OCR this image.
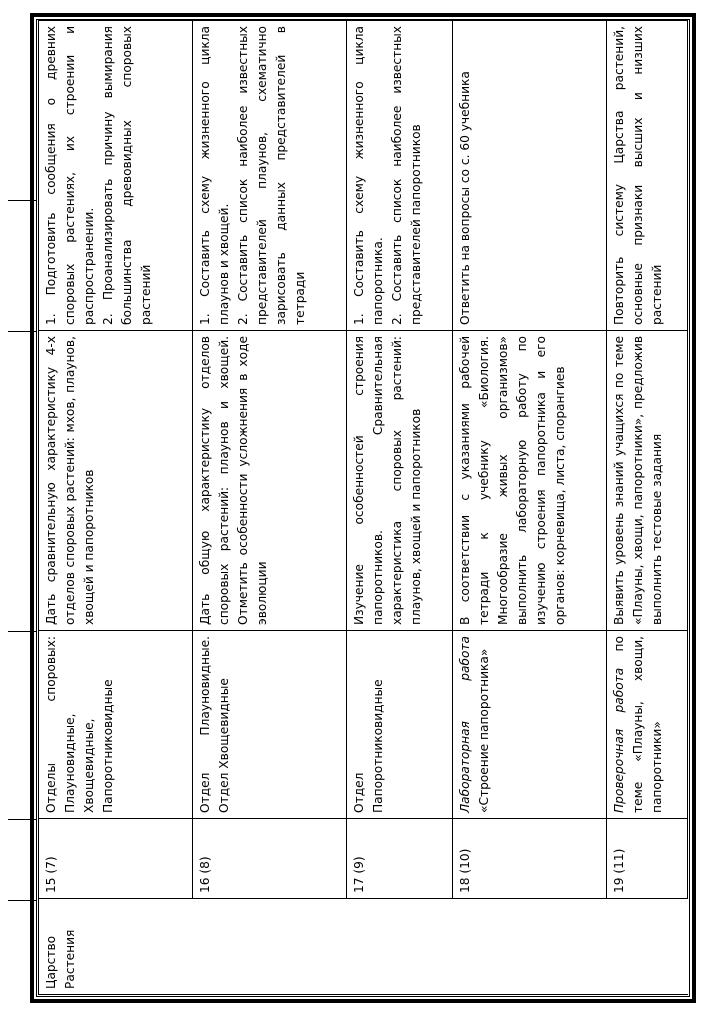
Царство Растения	15 (7)	Отделы споровых: Плауновидные, Хвощевидные, Папоротниковидные	Дать сравнительную характеристику 4-х отделов споровых растений: мхов, плаунов, хвощей и папоротников	1. Подготовить сообщения о древних споровых растениях, их строении и распространении. 2. Проанализировать причину вымирания большинства древовидных споровых растений

	16 (8)	Отдел Плауновидные. Отдел Хвощевидные	Дать общую характеристику отделов споровых растений: плаунов и хвощей. Отметить особенности усложнения в ходе эволюции	1. Составить схему жизненного цикла плаунов и хвощей. 2. Составить список наиболее известных представителей плаунов, схематично зарисовать данных представителей в тетради

	17 (9)	Отдел Папоротниковидные	Изучение особенностей строения папоротников. Сравнительная характеристика споровых растений: плаунов, хвощей и папоротников	1. Составить схему жизненного цикла папоротника. 2. Составить список наиболее известных представителей папоротников

	18 (10)	Лабораторная работа «Строение папоротника»	В соответствии с указаниями рабочей тетради к учебнику «Биология. Многообразие живых организмов» выполнить лабораторную работу по изучению строения папоротника и его органов: корневища, листа, спорангиев	Ответить на вопросы со с. 60 учебника

	19 (11)	Проверочная работа по теме «Плауны, хвощи, папоротники»	Выявить уровень знаний учащихся по теме «Плауны, хвощи, папоротники», предложив выполнить тестовые задания	Повторить систему Царства растений, основные признаки высших и низших растений
